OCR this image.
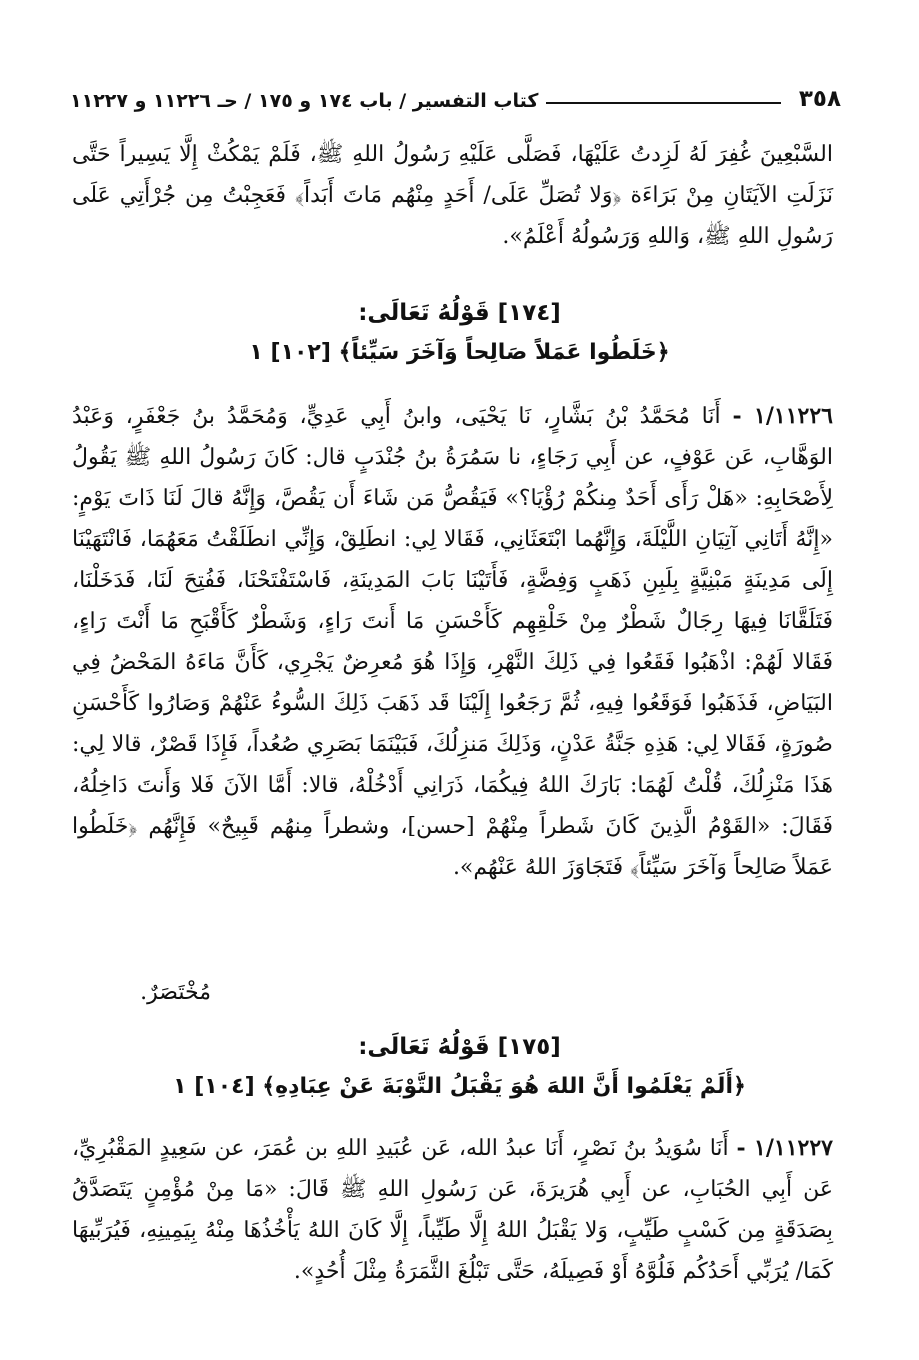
٣٥٨
كتاب التفسير / باب ١٧٤ و ١٧٥ / حـ ١١٢٢٦ و ١١٢٢٧

السَّبْعِينَ غُفِرَ لَهُ لَزِدتُ عَلَيْهَا، فَصَلَّى عَلَيْهِ رَسُولُ اللهِ ﷺ، فَلَمْ يَمْكُثْ إِلَّا يَسِيراً حَتَّى نَزَلَتِ الآيَتَانِ مِنْ بَرَاءَة ﴿وَلا تُصَلِّ عَلَى/ أَحَدٍ مِنْهُم مَاتَ أَبَداً﴾ فَعَجِبْتُ مِن جُرْأَتِي عَلَى رَسُولِ اللهِ ﷺ، وَاللهِ وَرَسُولُهُ أَعْلَمُ».

[١٧٤] قَوْلُهُ تَعَالَى:
﴿خَلَطُوا عَمَلاً صَالِحاً وَآخَرَ سَيِّئاً﴾ [١٠٢] ١

١/١١٢٢٦ - أَنَا مُحَمَّدُ بْنُ بَشَّارٍ، نَا يَحْيَى، وابنُ أَبِي عَدِيٍّ، وَمُحَمَّدُ بنُ جَعْفَرٍ، وَعَبْدُ الوَهَّابِ، عَن عَوْفٍ، عن أَبِي رَجَاءٍ، نا سَمُرَةُ بنُ جُنْدَبٍ قال: كَانَ رَسُولُ اللهِ ﷺ يَقُولُ لِأَصْحَابِهِ: «هَلْ رَأَى أَحَدٌ مِنكُمْ رُؤْيَا؟» فَيَقُصُّ مَن شَاءَ أَن يَقُصَّ، وَإِنَّهُ قالَ لَنَا ذَاتَ يَوْمٍ: «إِنَّهُ أَتَانِي آتِيَانِ اللَّيْلَةَ، وَإِنَّهُما ابْتَعَثَانِي، فَقَالا لِي: انطَلِقْ، وَإِنِّي انطَلَقْتُ مَعَهُمَا، فَانْتَهَيْنَا إِلَى مَدِينَةٍ مَبْنِيَّةٍ بِلَبِنِ ذَهَبٍ وَفِضَّةٍ، فَأَتَيْنَا بَابَ المَدِينَةِ، فَاسْتَفْتَحْنَا، فَفُتِحَ لَنَا، فَدَخَلْنَا، فَتَلَقَّانَا فِيهَا رِجَالٌ شَطْرٌ مِنْ خَلْقِهِم كَأَحْسَنِ مَا أَنتَ رَاءٍ، وَشَطْرٌ كَأَقْبَحِ مَا أَنْتَ رَاءٍ، فَقَالا لَهُمْ: اذْهَبُوا فَقَعُوا فِي ذَلِكَ النَّهْرِ، وَإِذَا هُوَ مُعرِضٌ يَجْرِي، كَأَنَّ مَاءَهُ المَحْضُ فِي البَيَاضِ، فَذَهَبُوا فَوَقَعُوا فِيهِ، ثُمَّ رَجَعُوا إِلَيْنَا قَد ذَهَبَ ذَلِكَ السُّوءُ عَنْهُمْ وَصَارُوا كَأَحْسَنِ صُورَةٍ، فَقَالا لِي: هَذِهِ جَنَّةُ عَدْنٍ، وَذَلِكَ مَنزِلُكَ، فَبَيْنَمَا بَصَرِي صُعُداً، فَإِذَا قَصْرٌ، قالا لِي: هَذَا مَنْزِلُكَ، قُلْتُ لَهُمَا: بَارَكَ اللهُ فِيكُمَا، ذَرَانِي أَدْخُلْهُ، قالا: أَمَّا الآنَ فَلا وَأَنتَ دَاخِلُهُ، فَقَالَ: «القَوْمُ الَّذِينَ كَانَ شَطراً مِنْهُمْ [حسن]، وشطراً مِنهُم قَبِيحٌ» فَإِنَّهُم ﴿خَلَطُوا عَمَلاً صَالِحاً وَآخَرَ سَيِّئاً﴾ فَتَجَاوَزَ اللهُ عَنْهُم».

مُخْتَصَرٌ.
[١٧٥] قَوْلُهُ تَعَالَى:
﴿أَلَمْ يَعْلَمُوا أَنَّ اللهَ هُوَ يَقْبَلُ التَّوْبَةَ عَنْ عِبَادِهِ﴾ [١٠٤] ١

١/١١٢٢٧ - أَنَا سُوَيدُ بنُ نَصْرٍ، أَنَا عبدُ الله، عَن عُبَيدِ اللهِ بن عُمَرَ، عن سَعِيدٍ المَقْبُرِيِّ، عَن أَبِي الحُبَابِ، عن أَبِي هُرَيرَةَ، عَن رَسُولِ اللهِ ﷺ قَالَ: «مَا مِنْ مُؤْمِنٍ يَتَصَدَّقُ بِصَدَقَةٍ مِن كَسْبٍ طَيِّبٍ، وَلا يَقْبَلُ اللهُ إِلَّا طَيِّباً، إِلَّا كَانَ اللهُ يَأْخُذُهَا مِنْهُ بِيَمِينِهِ، فَيُرَبِّيهَا كَمَا/ يُرَبِّي أَحَدُكُم فَلُوَّهُ أَوْ فَصِيلَهُ، حَتَّى تَبْلُغَ الثَّمَرَةُ مِثْلَ أُحُدٍ».
